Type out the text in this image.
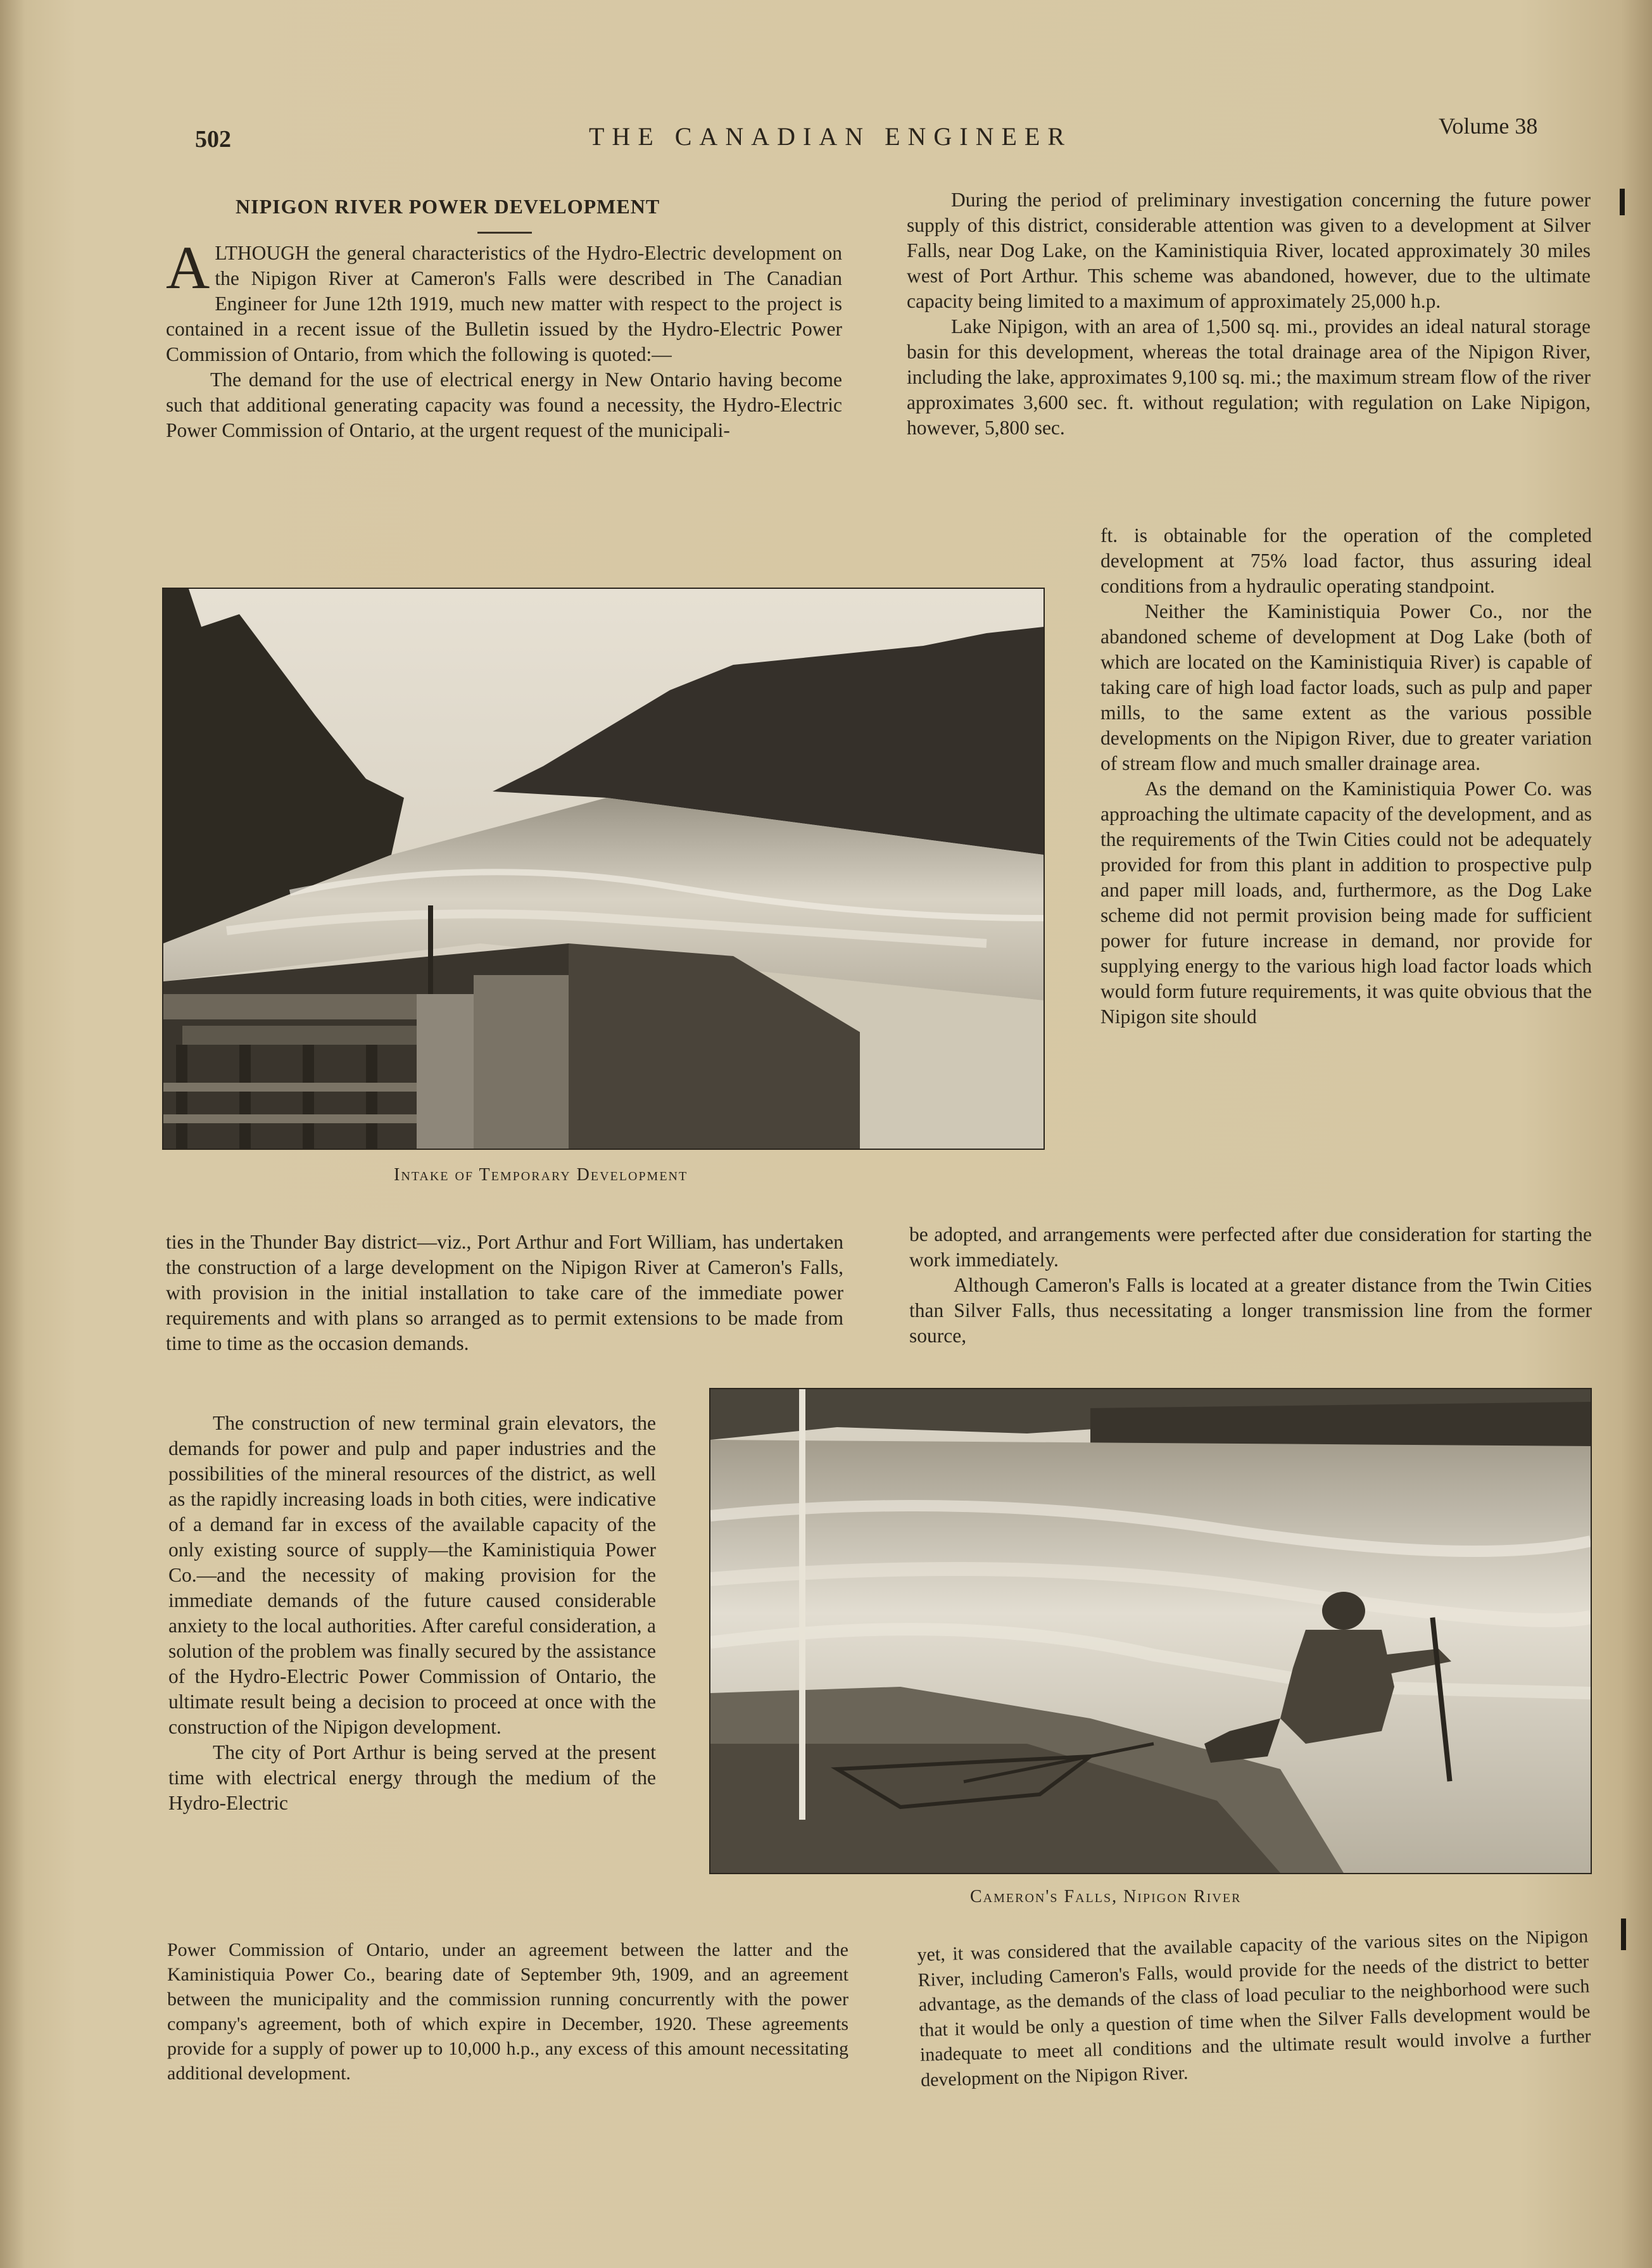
502	THE CANADIAN ENGINEER	Volume 38
NIPIGON RIVER POWER DEVELOPMENT

ALTHOUGH the general characteristics of the Hydro-Electric development on the Nipigon River at Cameron's Falls were described in The Canadian Engineer for June 12th 1919, much new matter with respect to the project is contained in a recent issue of the Bulletin issued by the Hydro-Electric Power Commission of Ontario, from which the following is quoted:—

The demand for the use of electrical energy in New Ontario having become such that additional generating capacity was found a necessity, the Hydro-Electric Power Commission of Ontario, at the urgent request of the municipali-

Intake of Temporary Development

During the period of preliminary investigation concerning the future power supply of this district, considerable attention was given to a development at Silver Falls, near Dog Lake, on the Kaministiquia River, located approximately 30 miles west of Port Arthur. This scheme was abandoned, however, due to the ultimate capacity being limited to a maximum of approximately 25,000 h.p.

Lake Nipigon, with an area of 1,500 sq. mi., provides an ideal natural storage basin for this development, whereas the total drainage area of the Nipigon River, including the lake, approximates 9,100 sq. mi.; the maximum stream flow of the river approximates 3,600 sec. ft. without regulation; with regulation on Lake Nipigon, however, 5,800 sec.

ft. is obtainable for the operation of the completed development at 75% load factor, thus assuring ideal conditions from a hydraulic operating standpoint.

Neither the Kaministiquia Power Co., nor the abandoned scheme of development at Dog Lake (both of which are located on the Kaministiquia River) is capable of taking care of high load factor loads, such as pulp and paper mills, to the same extent as the various possible developments on the Nipigon River, due to greater variation of stream flow and much smaller drainage area.

As the demand on the Kaministiquia Power Co. was approaching the ultimate capacity of the development, and as the requirements of the Twin Cities could not be adequately provided for from this plant in addition to prospective pulp and paper mill loads, and, furthermore, as the Dog Lake scheme did not permit provision being made for sufficient power for future increase in demand, nor provide for supplying energy to the various high load factor loads which would form future requirements, it was quite obvious that the Nipigon site should

ties in the Thunder Bay district—viz., Port Arthur and Fort William, has undertaken the construction of a large development on the Nipigon River at Cameron's Falls, with provision in the initial installation to take care of the immediate power requirements and with plans so arranged as to permit extensions to be made from time to time as the occasion demands.

be adopted, and arrangements were perfected after due consideration for starting the work immediately.

Although Cameron's Falls is located at a greater distance from the Twin Cities than Silver Falls, thus necessitating a longer transmission line from the former source,

The construction of new terminal grain elevators, the demands for power and pulp and paper industries and the possibilities of the mineral resources of the district, as well as the rapidly increasing loads in both cities, were indicative of a demand far in excess of the available capacity of the only existing source of supply—the Kaministiquia Power Co.—and the necessity of making provision for the immediate demands of the future caused considerable anxiety to the local authorities. After careful consideration, a solution of the problem was finally secured by the assistance of the Hydro-Electric Power Commission of Ontario, the ultimate result being a decision to proceed at once with the construction of the Nipigon development.

The city of Port Arthur is being served at the present time with electrical energy through the medium of the Hydro-Electric

Cameron's Falls, Nipigon River

Power Commission of Ontario, under an agreement between the latter and the Kaministiquia Power Co., bearing date of September 9th, 1909, and an agreement between the municipality and the commission running concurrently with the power company's agreement, both of which expire in December, 1920. These agreements provide for a supply of power up to 10,000 h.p., any excess of this amount necessitating additional development.

yet, it was considered that the available capacity of the various sites on the Nipigon River, including Cameron's Falls, would provide for the needs of the district to better advantage, as the demands of the class of load peculiar to the neighborhood were such that it would be only a question of time when the Silver Falls development would be inadequate to meet all conditions and the ultimate result would involve a further development on the Nipigon River.
